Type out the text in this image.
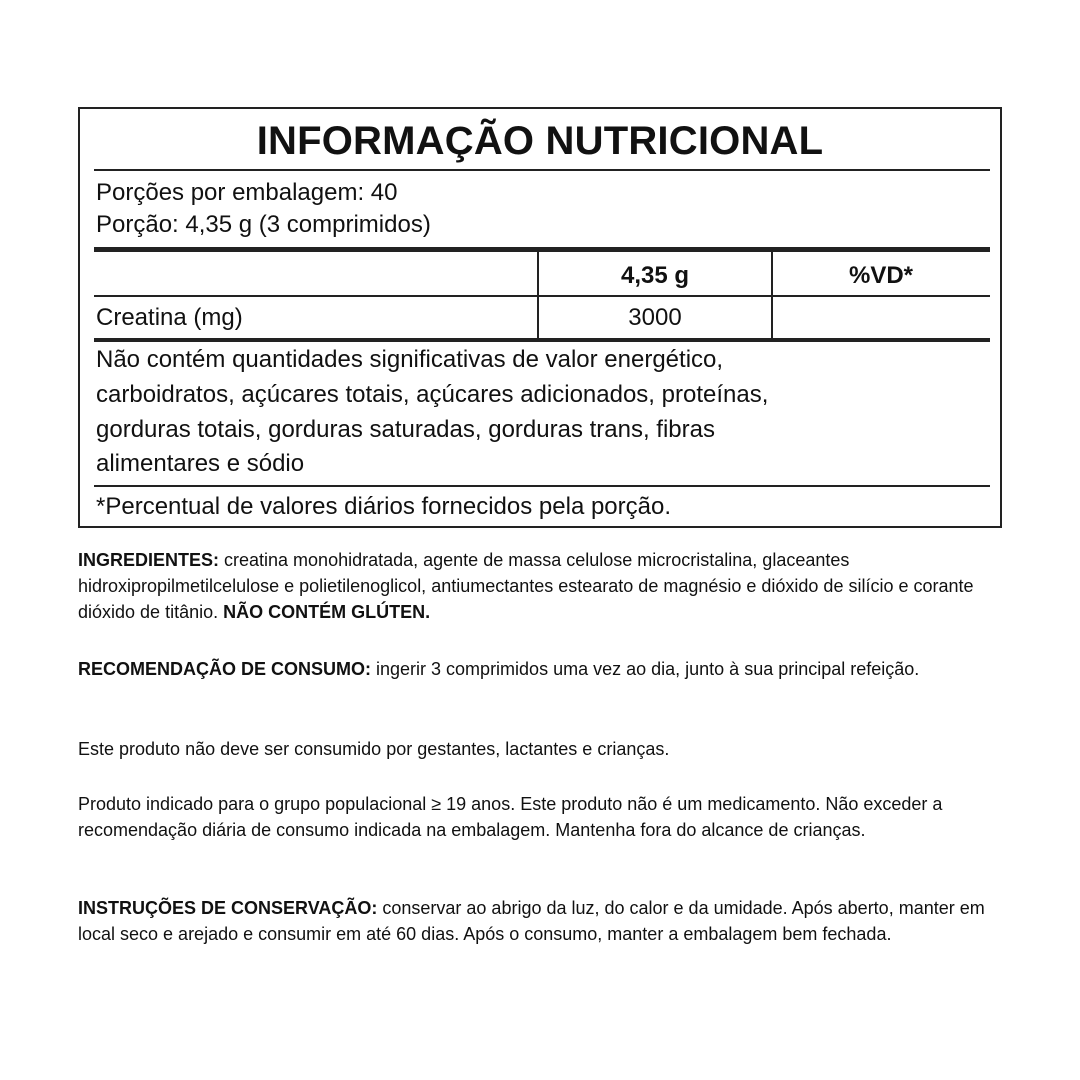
INFORMAÇÃO NUTRICIONAL
Porções por embalagem: 40
Porção: 4,35 g (3 comprimidos)
4,35 g	%VD*
Creatina (mg)	3000
Não contém quantidades significativas de valor energético,
carboidratos, açúcares totais, açúcares adicionados, proteínas,
gorduras totais, gorduras saturadas, gorduras trans, fibras
alimentares e sódio
*Percentual de valores diários fornecidos pela porção.

INGREDIENTES: creatina monohidratada, agente de massa celulose microcristalina, glaceantes hidroxipropilmetilcelulose e polietilenoglicol, antiumectantes estearato de magnésio e dióxido de silício e corante dióxido de titânio. NÃO CONTÉM GLÚTEN.

RECOMENDAÇÃO DE CONSUMO: ingerir 3 comprimidos uma vez ao dia, junto à sua principal refeição.

Este produto não deve ser consumido por gestantes, lactantes e crianças.

Produto indicado para o grupo populacional ≥ 19 anos. Este produto não é um medicamento. Não exceder a recomendação diária de consumo indicada na embalagem. Mantenha fora do alcance de crianças.

INSTRUÇÕES DE CONSERVAÇÃO: conservar ao abrigo da luz, do calor e da umidade. Após aberto, manter em local seco e arejado e consumir em até 60 dias. Após o consumo, manter a embalagem bem fechada.
